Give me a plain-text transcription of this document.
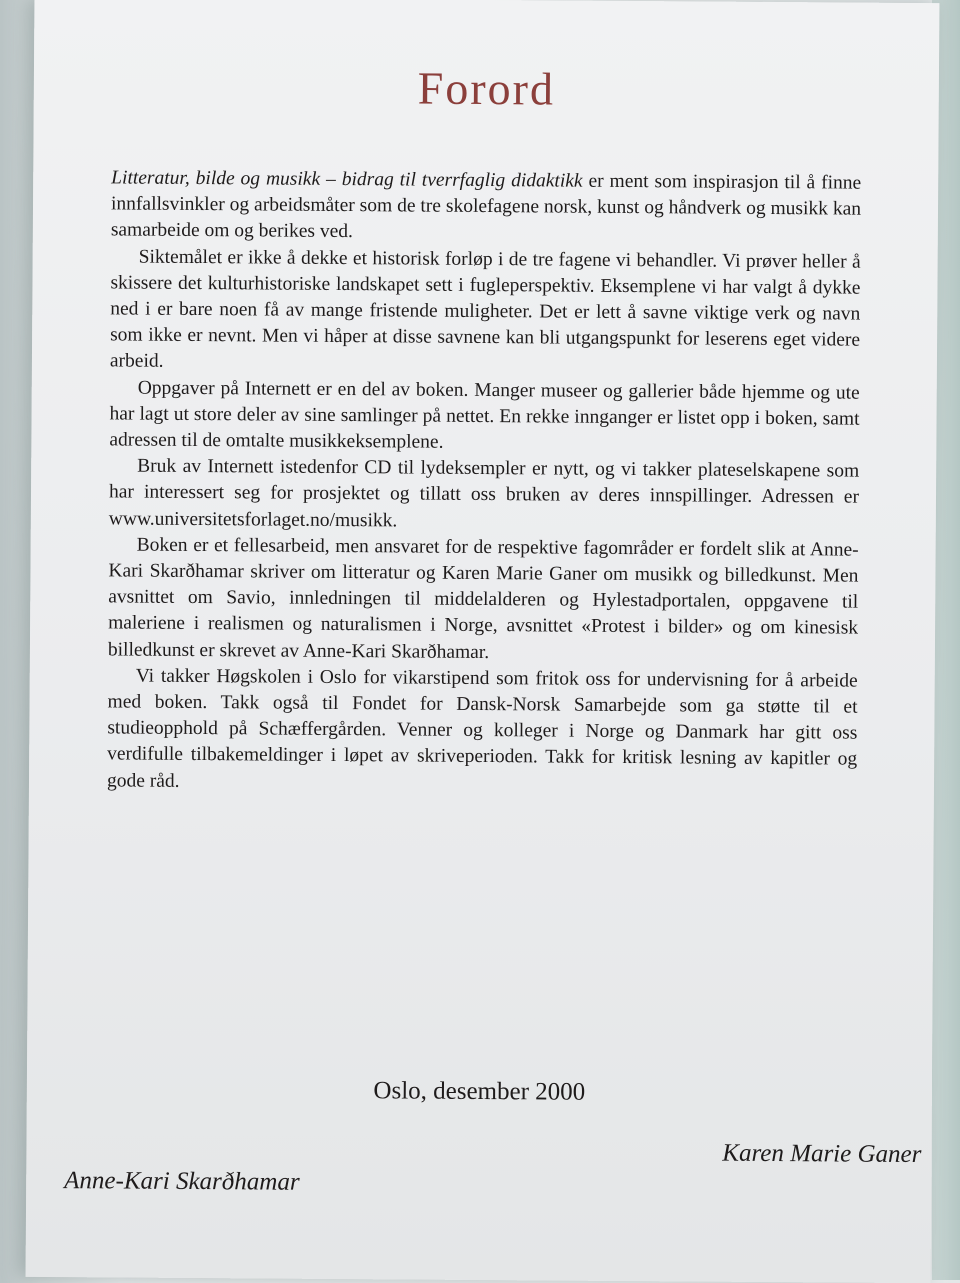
Forord

Litteratur, bilde og musikk – bidrag til tverrfaglig didaktikk er ment som inspirasjon til å finne innfallsvinkler og arbeidsmåter som de tre skolefagene norsk, kunst og håndverk og musikk kan samarbeide om og berikes ved.

Siktemålet er ikke å dekke et historisk forløp i de tre fagene vi behandler. Vi prøver heller å skissere det kulturhistoriske landskapet sett i fugleperspektiv. Eksemplene vi har valgt å dykke ned i er bare noen få av mange fristende muligheter. Det er lett å savne viktige verk og navn som ikke er nevnt. Men vi håper at disse savnene kan bli utgangspunkt for leserens eget videre arbeid.

Oppgaver på Internett er en del av boken. Manger museer og gallerier både hjemme og ute har lagt ut store deler av sine samlinger på nettet. En rekke innganger er listet opp i boken, samt adressen til de omtalte musikkeksemplene.

Bruk av Internett istedenfor CD til lydeksempler er nytt, og vi takker plateselskapene som har interessert seg for prosjektet og tillatt oss bruken av deres innspillinger. Adressen er www.universitetsforlaget.no/musikk.

Boken er et fellesarbeid, men ansvaret for de respektive fagområder er fordelt slik at Anne-Kari Skarðhamar skriver om litteratur og Karen Marie Ganer om musikk og billedkunst. Men avsnittet om Savio, innledningen til middelalderen og Hylestadportalen, oppgavene til maleriene i realismen og naturalismen i Norge, avsnittet «Protest i bilder» og om kinesisk billedkunst er skrevet av Anne-Kari Skarðhamar.

Vi takker Høgskolen i Oslo for vikarstipend som fritok oss for undervisning for å arbeide med boken. Takk også til Fondet for Dansk-Norsk Samarbejde som ga støtte til et studieopphold på Schæffergården. Venner og kolleger i Norge og Danmark har gitt oss verdifulle tilbakemeldinger i løpet av skriveperioden. Takk for kritisk lesning av kapitler og gode råd.

Oslo, desember 2000
Karen Marie Ganer
Anne-Kari Skarðhamar
